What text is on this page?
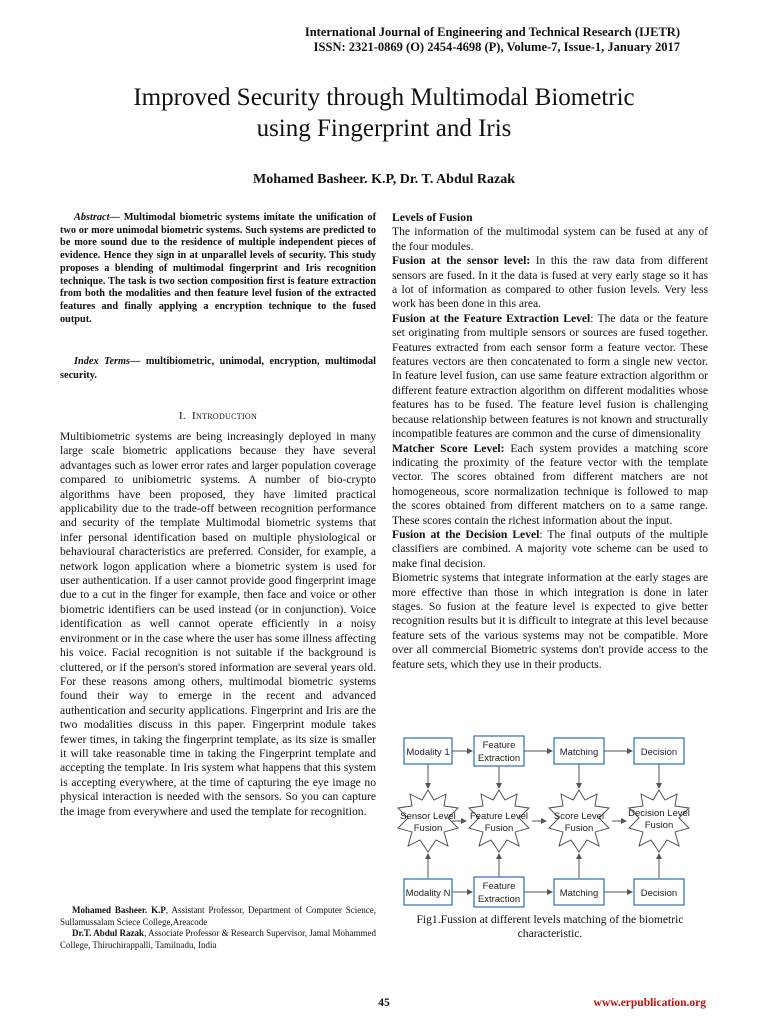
International Journal of Engineering and Technical Research (IJETR)
ISSN: 2321-0869 (O) 2454-4698 (P), Volume-7, Issue-1, January 2017
Improved Security through Multimodal Biometric
using Fingerprint and Iris
Mohamed Basheer. K.P, Dr. T. Abdul Razak
Abstract— Multimodal biometric systems imitate the unification of two or more unimodal biometric systems. Such systems are predicted to be more sound due to the residence of multiple independent pieces of evidence. Hence they sign in at unparallel levels of security. This study proposes a blending of multimodal fingerprint and Iris recognition technique. The task is two section composition first is feature extraction from both the modalities and then feature level fusion of the extracted features and finally applying a encryption technique to the fused output.
Index Terms— multibiometric, unimodal, encryption, multimodal security.
I. Introduction

Multibiometric systems are being increasingly deployed in many large scale biometric applications because they have several advantages such as lower error rates and larger population coverage compared to unibiometric systems. A number of bio-crypto algorithms have been proposed, they have limited practical applicability due to the trade-off between recognition performance and security of the template Multimodal biometric systems that infer personal identification based on multiple physiological or behavioural characteristics are preferred. Consider, for example, a network logon application where a biometric system is used for user authentication. If a user cannot provide good fingerprint image due to a cut in the finger for example, then face and voice or other biometric identifiers can be used instead (or in conjunction). Voice identification as well cannot operate efficiently in a noisy environment or in the case where the user has some illness affecting his voice. Facial recognition is not suitable if the background is cluttered, or if the person's stored information are several years old. For these reasons among others, multimodal biometric systems found their way to emerge in the recent and advanced authentication and security applications. Fingerprint and Iris are the two modalities discuss in this paper. Fingerprint module takes fewer times, in taking the fingerprint template, as its size is smaller it will take reasonable time in taking the Fingerprint template and accepting the template. In Iris system what happens that this system is accepting everywhere, at the time of capturing the eye image no physical interaction is needed with the sensors. So you can capture the image from everywhere and used the template for recognition.

Mohamed Basheer. K.P, Assistant Professor, Department of Computer Science, Sullamussalam Sciece College,Areacode

Dr.T. Abdul Razak, Associate Professor & Research Supervisor, Jamal Mohammed College, Thiruchirappalli, Tamilnadu, India

Levels of Fusion

The information of the multimodal system can be fused at any of the four modules.

Fusion at the sensor level: In this the raw data from different sensors are fused. In it the data is fused at very early stage so it has a lot of information as compared to other fusion levels. Very less work has been done in this area.

Fusion at the Feature Extraction Level: The data or the feature set originating from multiple sensors or sources are fused together. Features extracted from each sensor form a feature vector. These features vectors are then concatenated to form a single new vector. In feature level fusion, can use same feature extraction algorithm or different feature extraction algorithm on different modalities whose features has to be fused. The feature level fusion is challenging because relationship between features is not known and structurally incompatible features are common and the curse of dimensionality

Matcher Score Level: Each system provides a matching score indicating the proximity of the feature vector with the template vector. The scores obtained from different matchers are not homogeneous, score normalization technique is followed to map the scores obtained from different matchers on to a same range. These scores contain the richest information about the input.

Fusion at the Decision Level: The final outputs of the multiple classifiers are combined. A majority vote scheme can be used to make final decision.

Biometric systems that integrate information at the early stages are more effective than those in which integration is done in later stages. So fusion at the feature level is expected to give better recognition results but it is difficult to integrate at this level because feature sets of the various systems may not be compatible. More over all commercial Biometric systems don't provide access to the feature sets, which they use in their products.

Modality 1
Feature
Extraction
Matching	Decision
Sensor Level
Fusion
Feature Level
Fusion
Score Level
Fusion
Decision Level
Fusion
Modality N
Feature
Extraction
Matching	Decision
Fig1.Fussion at different levels matching of the biometric characteristic.
45	www.erpublication.org
